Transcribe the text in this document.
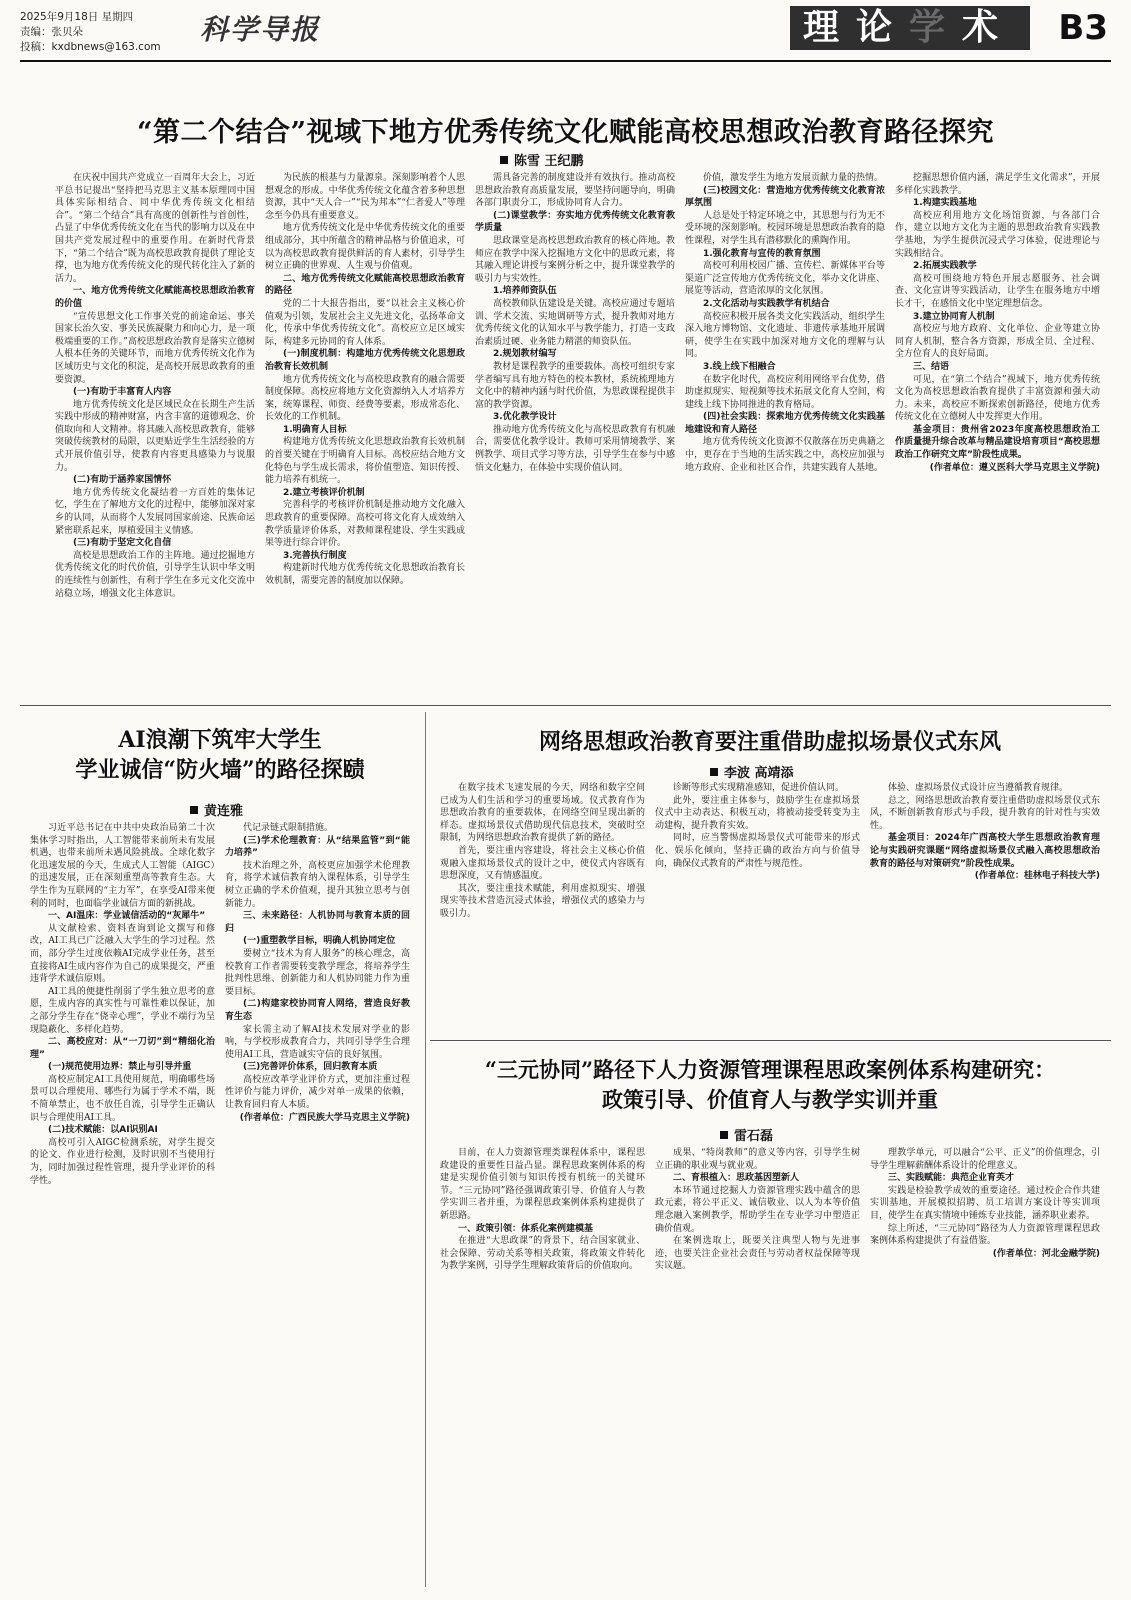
2025年9月18日 星期四
责编：张贝朵
投稿：kxdbnews@163.com
科学导报	理 论 学 术 B3
“第二个结合”视域下地方优秀传统文化赋能高校思想政治教育路径探究
陈雪 王纪鹏

在庆祝中国共产党成立一百周年大会上，习近平总书记提出“坚持把马克思主义基本原理同中国具体实际相结合、同中华优秀传统文化相结合”。“第二个结合”具有高度的创新性与首创性，凸显了中华优秀传统文化在当代的影响力以及在中国共产党发展过程中的重要作用。在新时代背景下，“第二个结合”既为高校思政教育提供了理论支撑，也为地方优秀传统文化的现代转化注入了新的活力。

一、地方优秀传统文化赋能高校思想政治教育的价值

“宣传思想文化工作事关党的前途命运、事关国家长治久安、事关民族凝聚力和向心力，是一项极端重要的工作。”高校思想政治教育是落实立德树人根本任务的关键环节，而地方优秀传统文化作为区域历史与文化的积淀，是高校开展思政教育的重要资源。

(一)有助于丰富育人内容

地方优秀传统文化是区域民众在长期生产生活实践中形成的精神财富，内含丰富的道德观念、价值取向和人文精神。将其融入高校思政教育，能够突破传统教材的局限，以更贴近学生生活经验的方式开展价值引导，使教育内容更具感染力与说服力。

(二)有助于涵养家国情怀

地方优秀传统文化凝结着一方百姓的集体记忆，学生在了解地方文化的过程中，能够加深对家乡的认同，从而将个人发展同国家前途、民族命运紧密联系起来，厚植爱国主义情感。

(三)有助于坚定文化自信

高校是思想政治工作的主阵地。通过挖掘地方优秀传统文化的时代价值，引导学生认识中华文明的连续性与创新性，有利于学生在多元文化交流中站稳立场，增强文化主体意识。

为民族的根基与力量源泉。深刻影响着个人思想观念的形成。中华优秀传统文化蕴含着多种思想资源，其中“天人合一”“民为邦本”“仁者爱人”等理念至今仍具有重要意义。

地方优秀传统文化是中华优秀传统文化的重要组成部分，其中所蕴含的精神品格与价值追求，可以为高校思政教育提供鲜活的育人素材，引导学生树立正确的世界观、人生观与价值观。

二、地方优秀传统文化赋能高校思想政治教育的路径

党的二十大报告指出，要“以社会主义核心价值观为引领，发展社会主义先进文化，弘扬革命文化，传承中华优秀传统文化”。高校应立足区域实际，构建多元协同的育人体系。

(一)制度机制：构建地方优秀传统文化思想政治教育长效机制

地方优秀传统文化与高校思政教育的融合需要制度保障。高校应将地方文化资源纳入人才培养方案，统筹课程、师资、经费等要素，形成常态化、长效化的工作机制。

1.明确育人目标

构建地方优秀传统文化思想政治教育长效机制的首要关键在于明确育人目标。高校应结合地方文化特色与学生成长需求，将价值塑造、知识传授、能力培养有机统一。

2.建立考核评价机制

完善科学的考核评价机制是推动地方文化融入思政教育的重要保障。高校可将文化育人成效纳入教学质量评价体系，对教师课程建设、学生实践成果等进行综合评价。

3.完善执行制度

构建新时代地方优秀传统文化思想政治教育长效机制，需要完善的制度加以保障。

需具备完善的制度建设并有效执行。推动高校思想政治教育高质量发展，要坚持问题导向，明确各部门职责分工，形成协同育人合力。

(二)课堂教学：夯实地方优秀传统文化教育教学质量

思政课堂是高校思想政治教育的核心阵地。教师应在教学中深入挖掘地方文化中的思政元素，将其融入理论讲授与案例分析之中，提升课堂教学的吸引力与实效性。

1.培养师资队伍

高校教师队伍建设是关键。高校应通过专题培训、学术交流、实地调研等方式，提升教师对地方优秀传统文化的认知水平与教学能力，打造一支政治素质过硬、业务能力精湛的师资队伍。

2.规划教材编写

教材是课程教学的重要载体。高校可组织专家学者编写具有地方特色的校本教材，系统梳理地方文化中的精神内涵与时代价值，为思政课程提供丰富的教学资源。

3.优化教学设计

推动地方优秀传统文化与高校思政教育有机融合，需要优化教学设计。教师可采用情境教学、案例教学、项目式学习等方法，引导学生在参与中感悟文化魅力，在体验中实现价值认同。

价值，激发学生为地方发展贡献力量的热情。

(三)校园文化：营造地方优秀传统文化教育浓厚氛围

人总是处于特定环境之中，其思想与行为无不受环境的深刻影响。校园环境是思想政治教育的隐性课程，对学生具有潜移默化的熏陶作用。

1.强化教育与宣传的教育氛围

高校可利用校园广播、宣传栏、新媒体平台等渠道广泛宣传地方优秀传统文化，举办文化讲座、展览等活动，营造浓厚的文化氛围。

2.文化活动与实践教学有机结合

高校应积极开展各类文化实践活动，组织学生深入地方博物馆、文化遗址、非遗传承基地开展调研，使学生在实践中加深对地方文化的理解与认同。

3.线上线下相融合

在数字化时代，高校应利用网络平台优势，借助虚拟现实、短视频等技术拓展文化育人空间，构建线上线下协同推进的教育格局。

(四)社会实践：探索地方优秀传统文化实践基地建设和育人路径

地方优秀传统文化资源不仅散落在历史典籍之中，更存在于当地的生活实践之中，高校应加强与地方政府、企业和社区合作，共建实践育人基地。

挖掘思想价值内涵，满足学生文化需求”，开展多样化实践教学。

1.构建实践基地

高校应利用地方文化场馆资源，与各部门合作，建立以地方文化为主题的思想政治教育实践教学基地，为学生提供沉浸式学习体验，促进理论与实践相结合。

2.拓展实践教学

高校可围绕地方特色开展志愿服务、社会调查、文化宣讲等实践活动，让学生在服务地方中增长才干，在感悟文化中坚定理想信念。

3.建立协同育人机制

高校应与地方政府、文化单位、企业等建立协同育人机制，整合各方资源，形成全员、全过程、全方位育人的良好局面。

三、结语

可见，在“第二个结合”视域下，地方优秀传统文化为高校思想政治教育提供了丰富资源和强大动力。未来，高校应不断探索创新路径，使地方优秀传统文化在立德树人中发挥更大作用。

基金项目：贵州省2023年度高校思想政治工作质量提升综合改革与精品建设培育项目“高校思想政治工作研究文库”阶段性成果。

(作者单位：遵义医科大学马克思主义学院)

AI浪潮下筑牢大学生
学业诚信“防火墙”的路径探赜
黄连雅

习近平总书记在中共中央政治局第二十次集体学习时指出，人工智能带来前所未有发展机遇，也带来前所未遇风险挑战。全球化数字化迅速发展的今天，生成式人工智能（AIGC）的迅速发展，正在深刻重塑高等教育生态。大学生作为互联网的“主力军”，在享受AI带来便利的同时，也面临学业诚信方面的新挑战。

一、AI温床：学业诚信活动的“灰犀牛”

从文献检索、资料查询到论文撰写和修改，AI工具已广泛融入大学生的学习过程。然而，部分学生过度依赖AI完成学业任务，甚至直接将AI生成内容作为自己的成果提交，严重违背学术诚信原则。

AI工具的便捷性削弱了学生独立思考的意愿，生成内容的真实性与可靠性难以保证，加之部分学生存在“侥幸心理”，学业不端行为呈现隐蔽化、多样化趋势。

二、高校应对：从“一刀切”到“精细化治理”

(一)规范使用边界：禁止与引导并重

高校应制定AI工具使用规范，明确哪些场景可以合理使用、哪些行为属于学术不端，既不简单禁止，也不放任自流，引导学生正确认识与合理使用AI工具。

(二)技术赋能：以AI识别AI

高校可引入AIGC检测系统，对学生提交的论文、作业进行检测，及时识别不当使用行为，同时加强过程性管理，提升学业评价的科学性。

代记录链式限制措施。

(三)学术伦理教育：从“结果监管”到“能力培养”

技术治理之外，高校更应加强学术伦理教育，将学术诚信教育纳入课程体系，引导学生树立正确的学术价值观，提升其独立思考与创新能力。

三、未来路径：人机协同与教育本质的回归

(一)重塑教学目标，明确人机协同定位

要树立“技术为育人服务”的核心理念，高校教育工作者需要转变教学理念，将培养学生批判性思维、创新能力和人机协同能力作为重要目标。

(二)构建家校协同育人网络，营造良好教育生态

家长需主动了解AI技术发展对学业的影响，与学校形成教育合力，共同引导学生合理使用AI工具，营造诚实守信的良好氛围。

(三)完善评价体系，回归教育本质

高校应改革学业评价方式，更加注重过程性评价与能力评价，减少对单一成果的依赖，让教育回归育人本质。

(作者单位：广西民族大学马克思主义学院)

网络思想政治教育要注重借助虚拟场景仪式东风
李波 高靖添

在数字技术飞速发展的今天，网络和数字空间已成为人们生活和学习的重要场域。仪式教育作为思想政治教育的重要载体，在网络空间呈现出新的样态。虚拟场景仪式借助现代信息技术，突破时空限制，为网络思想政治教育提供了新的路径。

首先，要注重内容建设，将社会主义核心价值观融入虚拟场景仪式的设计之中，使仪式内容既有思想深度，又有情感温度。

其次，要注重技术赋能，利用虚拟现实、增强现实等技术营造沉浸式体验，增强仪式的感染力与吸引力。

诊断等形式实现精准感知，促进价值认同。

此外，要注重主体参与，鼓励学生在虚拟场景仪式中主动表达、积极互动，将被动接受转变为主动建构，提升教育实效。

同时，应当警惕虚拟场景仪式可能带来的形式化、娱乐化倾向，坚持正确的政治方向与价值导向，确保仪式教育的严肃性与规范性。

体验、虚拟场景仪式设计应当遵循教育规律。

总之，网络思想政治教育要注重借助虚拟场景仪式东风，不断创新教育形式与手段，提升教育的针对性与实效性。

基金项目：2024年广西高校大学生思想政治教育理论与实践研究课题“网络虚拟场景仪式融入高校思想政治教育的路径与对策研究”阶段性成果。

(作者单位：桂林电子科技大学)

“三元协同”路径下人力资源管理课程思政案例体系构建研究：
政策引导、价值育人与教学实训并重
雷石磊

目前，在人力资源管理类课程体系中，课程思政建设的重要性日益凸显。课程思政案例体系的构建是实现价值引领与知识传授有机统一的关键环节。“三元协同”路径强调政策引导、价值育人与教学实训三者并重，为课程思政案例体系构建提供了新思路。

一、政策引领：体系化案例建模基

在推进“大思政课”的背景下，结合国家就业、社会保障、劳动关系等相关政策，将政策文件转化为教学案例，引导学生理解政策背后的价值取向。

成果、“特岗教师”的意义等内容，引导学生树立正确的职业观与就业观。

二、育根植入：思政基因塑新人

本环节通过挖掘人力资源管理实践中蕴含的思政元素，将公平正义、诚信敬业、以人为本等价值理念融入案例教学，帮助学生在专业学习中塑造正确价值观。

在案例选取上，既要关注典型人物与先进事迹，也要关注企业社会责任与劳动者权益保障等现实议题。

理教学单元，可以融合“公平、正义”的价值理念，引导学生理解薪酬体系设计的伦理意义。

三、实践赋能：典范企业育英才

实践是检验教学成效的重要途径。通过校企合作共建实训基地，开展模拟招聘、员工培训方案设计等实训项目，使学生在真实情境中锤炼专业技能，涵养职业素养。

综上所述，“三元协同”路径为人力资源管理课程思政案例体系构建提供了有益借鉴。

(作者单位：河北金融学院)
